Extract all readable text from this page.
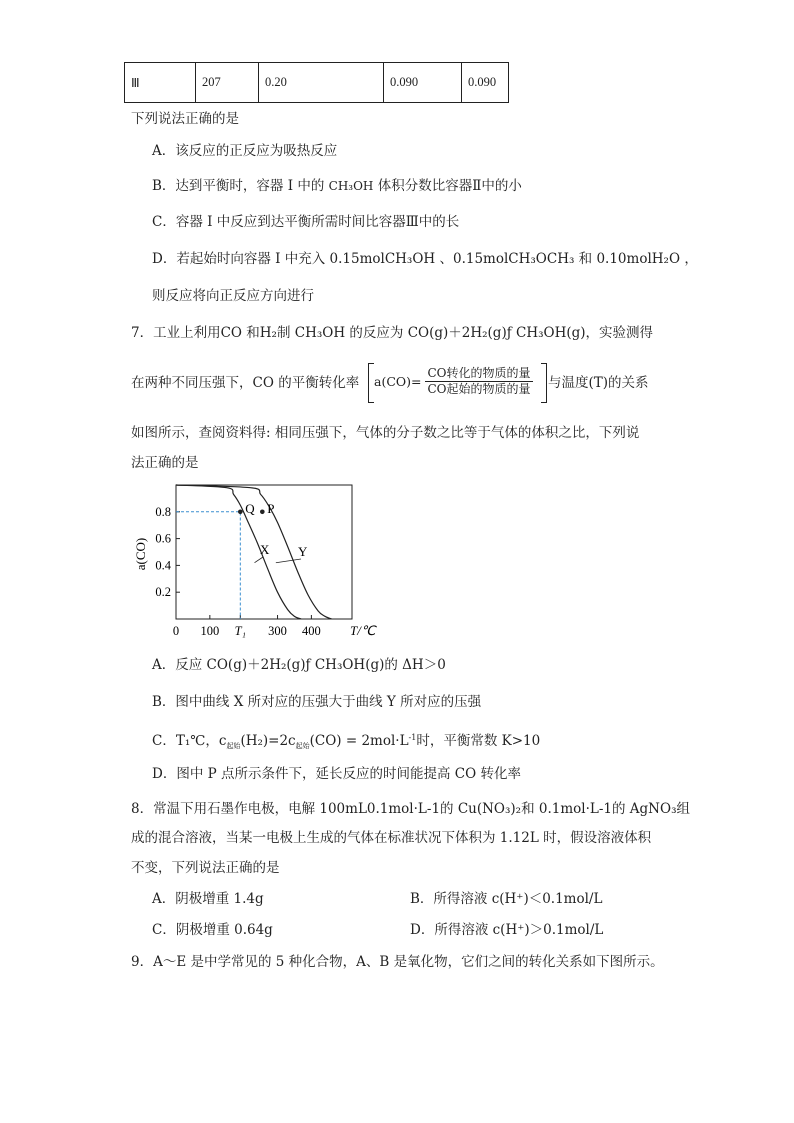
Ⅲ	207	0.20	0.090	0.090
下列说法正确的是
A．该反应的正反应为吸热反应
B．达到平衡时，容器 I 中的 CH₃OH 体积分数比容器Ⅱ中的小
C．容器 I 中反应到达平衡所需时间比容器Ⅲ中的长
D．若起始时向容器 I 中充入 0.15molCH₃OH 、0.15molCH₃OCH₃ 和 0.10molH₂O ，
则反应将向正反应方向进行
7．工业上利用CO 和H₂制 CH₃OH 的反应为 CO(g)＋2H₂(g)ƒ CH₃OH(g)，实验测得
在两种不同压强下，CO 的平衡转化率 $a(CO)= \frac{\text{CO转化的物质的量}}{\text{CO起始的物质的量}}$ 与温度(T)的关系
如图所示，查阅资料得: 相同压强下，气体的分子数之比等于气体的体积之比，下列说
法正确的是
a(CO)
T/℃
0.2
0.4
0.6
0.8
0 100 T₁ 300 400
X Y
Q P
A．反应 CO(g)＋2H₂(g)ƒ CH₃OH(g)的 ΔH＞0
B．图中曲线 X 所对应的压强大于曲线 Y 所对应的压强
C．T₁℃，$c_{起始}(H_2)=2c_{起始}(CO) = 2mol\cdot L^{-1}$时，平衡常数 K>10
D．图中 P 点所示条件下，延长反应的时间能提高 CO 转化率
8．常温下用石墨作电极，电解 100mL0.1mol·L-1的 Cu(NO₃)₂和 0.1mol·L-1的 AgNO₃组
成的混合溶液，当某一电极上生成的气体在标准状况下体积为 1.12L 时，假设溶液体积
不变，下列说法正确的是
A．阴极增重 1.4g	B．所得溶液 c(H⁺)＜0.1mol/L
C．阴极增重 0.64g	D．所得溶液 c(H⁺)＞0.1mol/L
9．A～E 是中学常见的 5 种化合物，A、B 是氧化物，它们之间的转化关系如下图所示。
